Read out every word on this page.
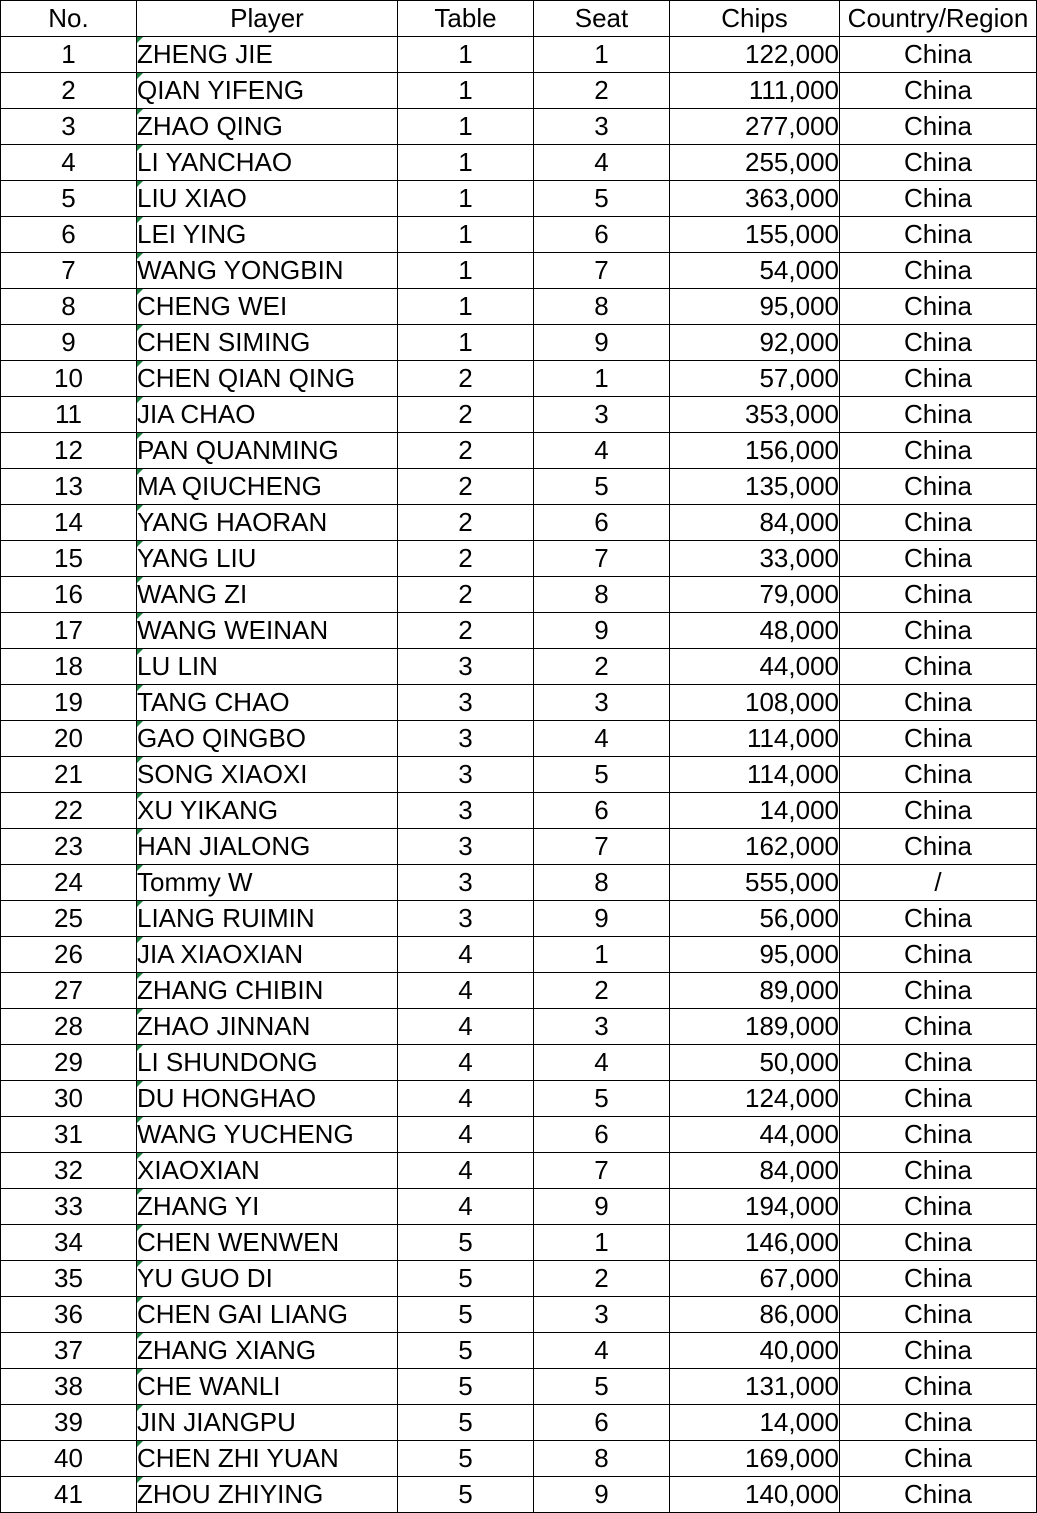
No.	Player	Table	Seat	Chips	Country/Region
1	ZHENG JIE	1	1	122,000	China
2	QIAN YIFENG	1	2	111,000	China
3	ZHAO QING	1	3	277,000	China
4	LI YANCHAO	1	4	255,000	China
5	LIU XIAO	1	5	363,000	China
6	LEI YING	1	6	155,000	China
7	WANG YONGBIN	1	7	54,000	China
8	CHENG WEI	1	8	95,000	China
9	CHEN SIMING	1	9	92,000	China
10	CHEN QIAN QING	2	1	57,000	China
11	JIA CHAO	2	3	353,000	China
12	PAN QUANMING	2	4	156,000	China
13	MA QIUCHENG	2	5	135,000	China
14	YANG HAORAN	2	6	84,000	China
15	YANG LIU	2	7	33,000	China
16	WANG ZI	2	8	79,000	China
17	WANG WEINAN	2	9	48,000	China
18	LU LIN	3	2	44,000	China
19	TANG CHAO	3	3	108,000	China
20	GAO QINGBO	3	4	114,000	China
21	SONG XIAOXI	3	5	114,000	China
22	XU YIKANG	3	6	14,000	China
23	HAN JIALONG	3	7	162,000	China
24	Tommy W	3	8	555,000	/
25	LIANG RUIMIN	3	9	56,000	China
26	JIA XIAOXIAN	4	1	95,000	China
27	ZHANG CHIBIN	4	2	89,000	China
28	ZHAO JINNAN	4	3	189,000	China
29	LI SHUNDONG	4	4	50,000	China
30	DU HONGHAO	4	5	124,000	China
31	WANG YUCHENG	4	6	44,000	China
32	XIAOXIAN	4	7	84,000	China
33	ZHANG YI	4	9	194,000	China
34	CHEN WENWEN	5	1	146,000	China
35	YU GUO DI	5	2	67,000	China
36	CHEN GAI LIANG	5	3	86,000	China
37	ZHANG XIANG	5	4	40,000	China
38	CHE WANLI	5	5	131,000	China
39	JIN JIANGPU	5	6	14,000	China
40	CHEN ZHI YUAN	5	8	169,000	China
41	ZHOU ZHIYING	5	9	140,000	China
